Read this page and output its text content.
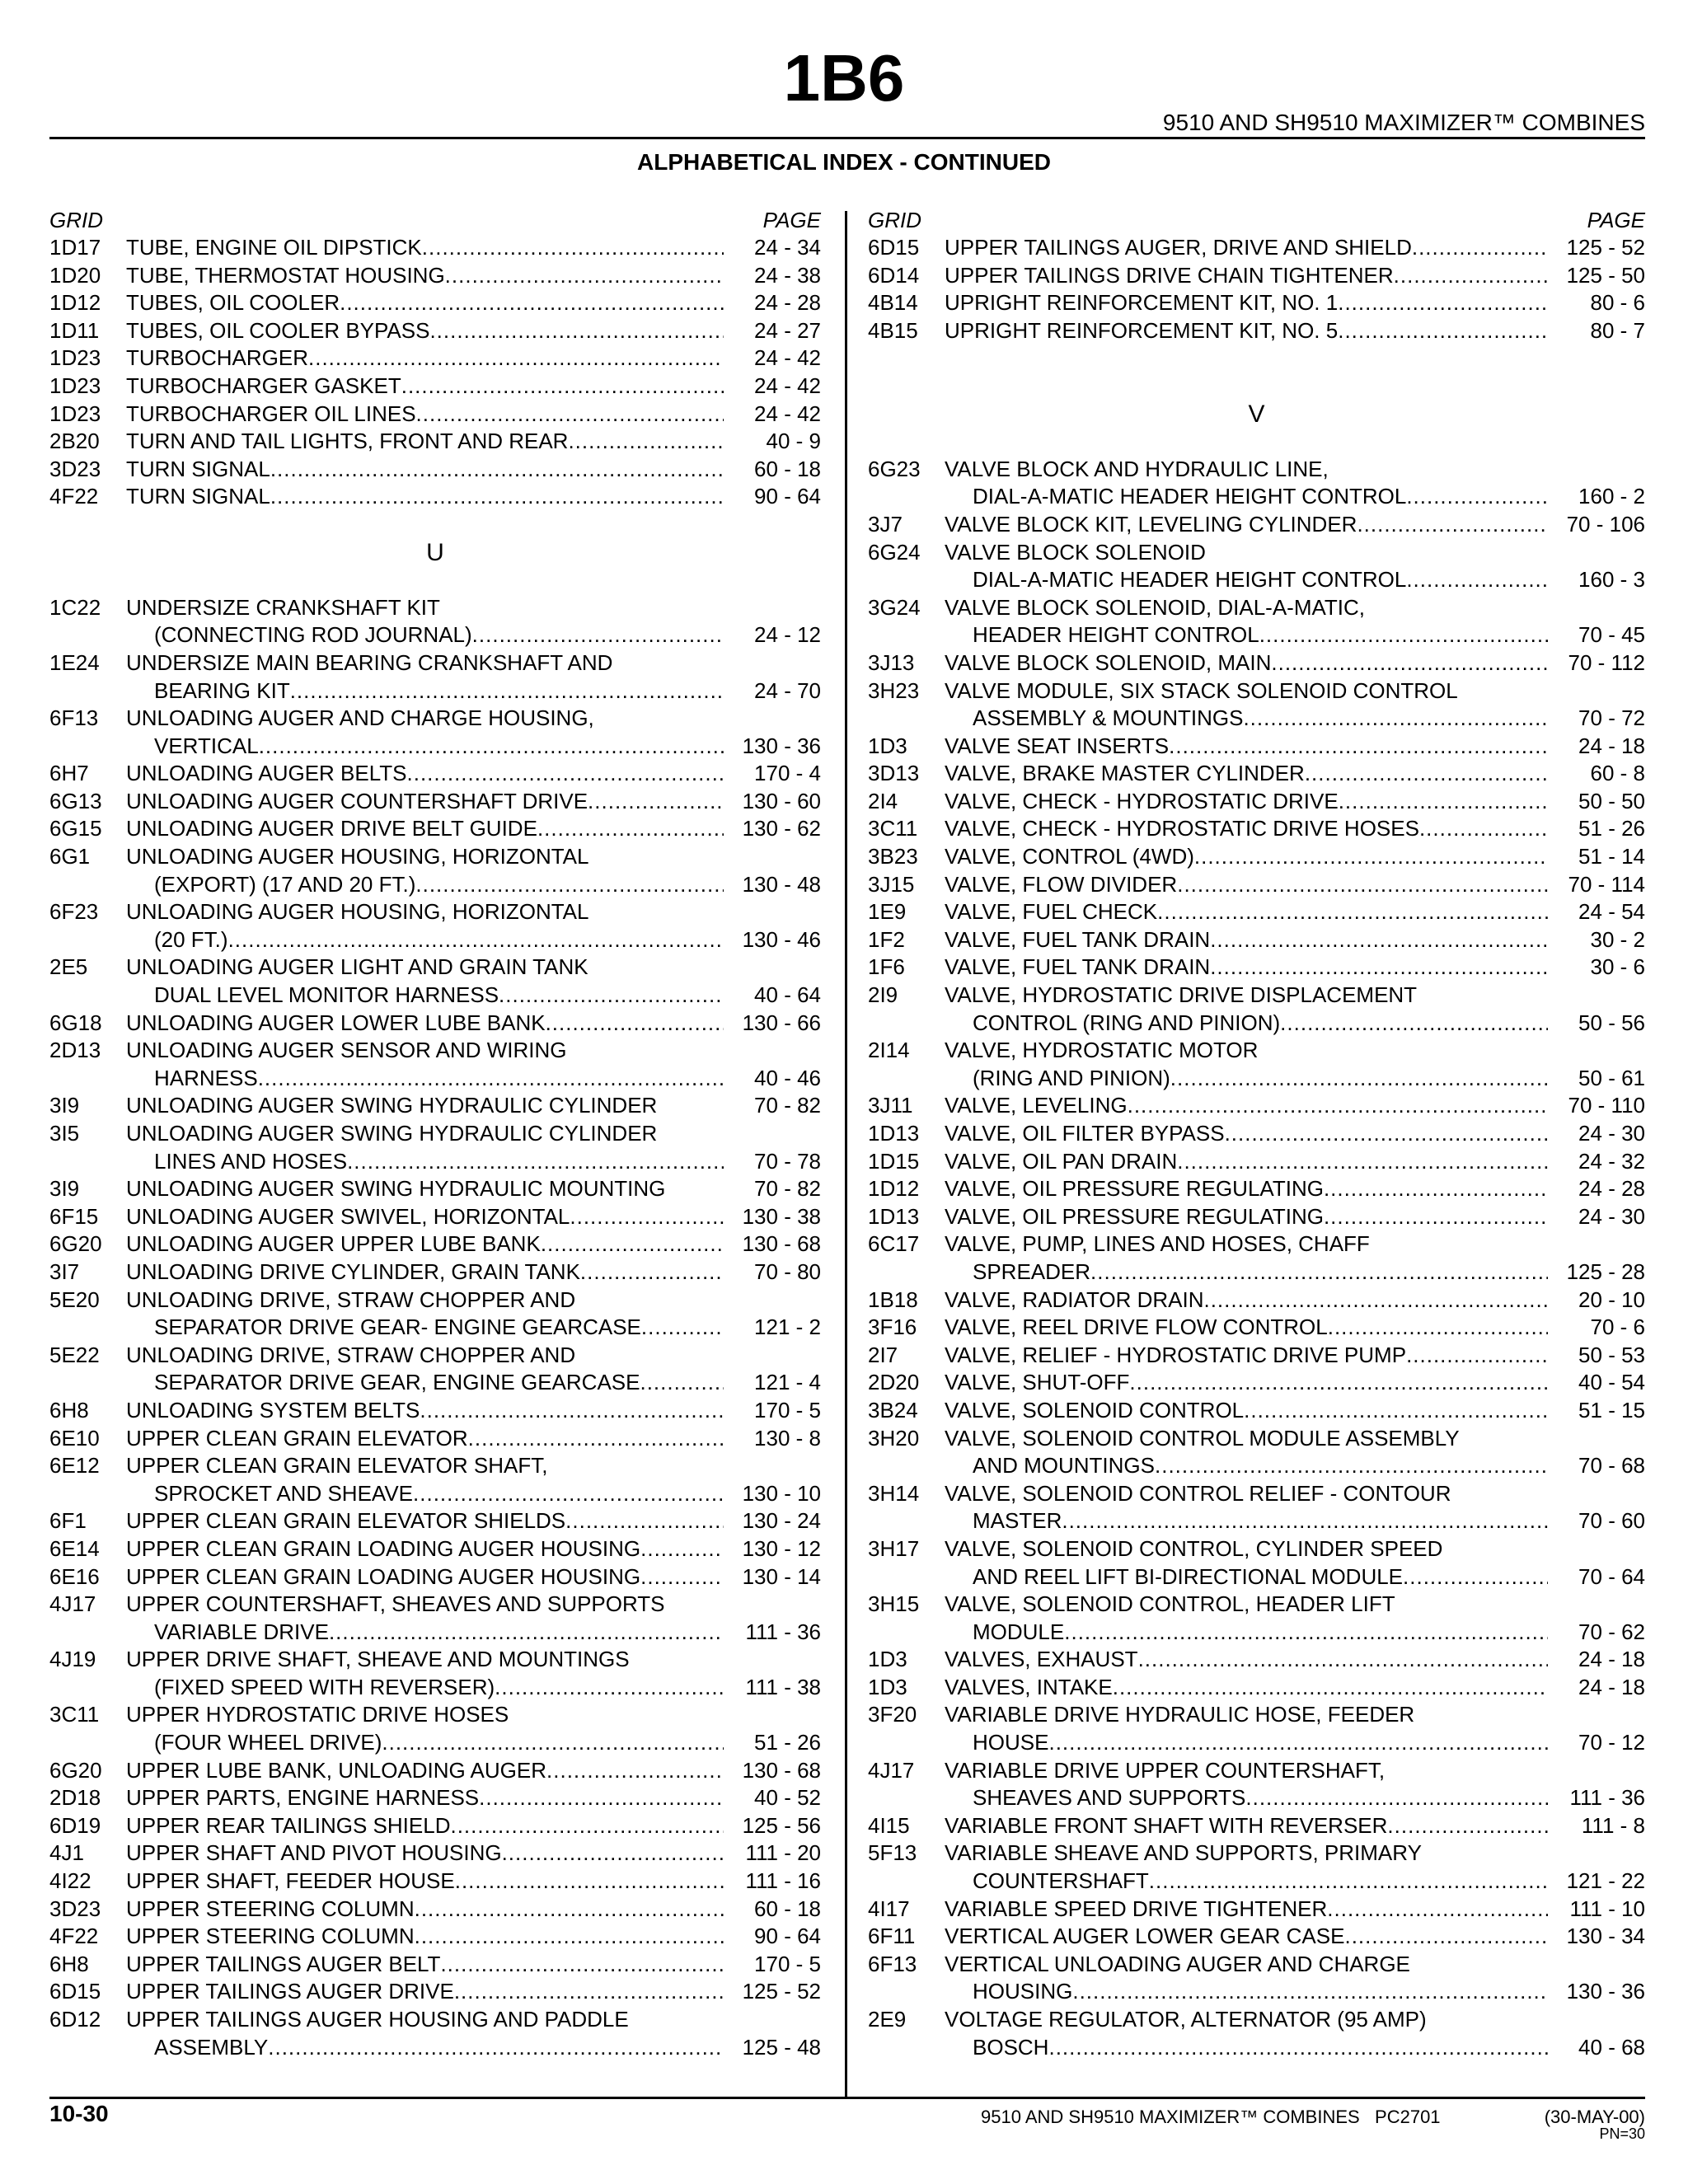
1B6
9510 AND SH9510 MAXIMIZER™ COMBINES
ALPHABETICAL INDEX - CONTINUED
GRID	PAGE
1D17 TUBE, ENGINE OIL DIPSTICK .....	24 - 34
1D20 TUBE, THERMOSTAT HOUSING .....	24 - 38
1D12 TUBES, OIL COOLER .....	24 - 28
1D11 TUBES, OIL COOLER BYPASS .....	24 - 27
1D23 TURBOCHARGER .....	24 - 42
1D23 TURBOCHARGER GASKET .....	24 - 42
1D23 TURBOCHARGER OIL LINES .....	24 - 42
2B20 TURN AND TAIL LIGHTS, FRONT AND REAR .....	40 - 9
3D23 TURN SIGNAL .....	60 - 18
4F22 TURN SIGNAL .....	90 - 64
U
1C22 UNDERSIZE CRANKSHAFT KIT
(CONNECTING ROD JOURNAL) .....	24 - 12
1E24 UNDERSIZE MAIN BEARING CRANKSHAFT AND
BEARING KIT .....	24 - 70
6F13 UNLOADING AUGER AND CHARGE HOUSING,
VERTICAL .....	130 - 36
6H7 UNLOADING AUGER BELTS .....	170 - 4
6G13 UNLOADING AUGER COUNTERSHAFT DRIVE .....	130 - 60
6G15 UNLOADING AUGER DRIVE BELT GUIDE .....	130 - 62
6G1 UNLOADING AUGER HOUSING, HORIZONTAL
(EXPORT) (17 AND 20 FT.) .....	130 - 48
6F23 UNLOADING AUGER HOUSING, HORIZONTAL
(20 FT.) .....	130 - 46
2E5 UNLOADING AUGER LIGHT AND GRAIN TANK
DUAL LEVEL MONITOR HARNESS .....	40 - 64
6G18 UNLOADING AUGER LOWER LUBE BANK .....	130 - 66
2D13 UNLOADING AUGER SENSOR AND WIRING
HARNESS .....	40 - 46
3I9 UNLOADING AUGER SWING HYDRAULIC CYLINDER	70 - 82
3I5 UNLOADING AUGER SWING HYDRAULIC CYLINDER
LINES AND HOSES .....	70 - 78
3I9 UNLOADING AUGER SWING HYDRAULIC MOUNTING	70 - 82
6F15 UNLOADING AUGER SWIVEL, HORIZONTAL .....	130 - 38
6G20 UNLOADING AUGER UPPER LUBE BANK .....	130 - 68
3I7 UNLOADING DRIVE CYLINDER, GRAIN TANK .....	70 - 80
5E20 UNLOADING DRIVE, STRAW CHOPPER AND
SEPARATOR DRIVE GEAR- ENGINE GEARCASE .....	121 - 2
5E22 UNLOADING DRIVE, STRAW CHOPPER AND
SEPARATOR DRIVE GEAR, ENGINE GEARCASE .....	121 - 4
6H8 UNLOADING SYSTEM BELTS .....	170 - 5
6E10 UPPER CLEAN GRAIN ELEVATOR .....	130 - 8
6E12 UPPER CLEAN GRAIN ELEVATOR SHAFT,
SPROCKET AND SHEAVE .....	130 - 10
6F1 UPPER CLEAN GRAIN ELEVATOR SHIELDS .....	130 - 24
6E14 UPPER CLEAN GRAIN LOADING AUGER HOUSING .....	130 - 12
6E16 UPPER CLEAN GRAIN LOADING AUGER HOUSING .....	130 - 14
4J17 UPPER COUNTERSHAFT, SHEAVES AND SUPPORTS
VARIABLE DRIVE .....	111 - 36
4J19 UPPER DRIVE SHAFT, SHEAVE AND MOUNTINGS
(FIXED SPEED WITH REVERSER) .....	111 - 38
3C11 UPPER HYDROSTATIC DRIVE HOSES
(FOUR WHEEL DRIVE) .....	51 - 26
6G20 UPPER LUBE BANK, UNLOADING AUGER .....	130 - 68
2D18 UPPER PARTS, ENGINE HARNESS .....	40 - 52
6D19 UPPER REAR TAILINGS SHIELD .....	125 - 56
4J1 UPPER SHAFT AND PIVOT HOUSING .....	111 - 20
4I22 UPPER SHAFT, FEEDER HOUSE .....	111 - 16
3D23 UPPER STEERING COLUMN .....	60 - 18
4F22 UPPER STEERING COLUMN .....	90 - 64
6H8 UPPER TAILINGS AUGER BELT .....	170 - 5
6D15 UPPER TAILINGS AUGER DRIVE .....	125 - 52
6D12 UPPER TAILINGS AUGER HOUSING AND PADDLE
ASSEMBLY .....	125 - 48
GRID	PAGE
6D15 UPPER TAILINGS AUGER, DRIVE AND SHIELD .....	125 - 52
6D14 UPPER TAILINGS DRIVE CHAIN TIGHTENER .....	125 - 50
4B14 UPRIGHT REINFORCEMENT KIT, NO. 1 .....	80 - 6
4B15 UPRIGHT REINFORCEMENT KIT, NO. 5 .....	80 - 7
V
6G23 VALVE BLOCK AND HYDRAULIC LINE,
DIAL-A-MATIC HEADER HEIGHT CONTROL .....	160 - 2
3J7 VALVE BLOCK KIT, LEVELING CYLINDER .....	70 - 106
6G24 VALVE BLOCK SOLENOID
DIAL-A-MATIC HEADER HEIGHT CONTROL .....	160 - 3
3G24 VALVE BLOCK SOLENOID, DIAL-A-MATIC,
HEADER HEIGHT CONTROL .....	70 - 45
3J13 VALVE BLOCK SOLENOID, MAIN .....	70 - 112
3H23 VALVE MODULE, SIX STACK SOLENOID CONTROL
ASSEMBLY & MOUNTINGS .....	70 - 72
1D3 VALVE SEAT INSERTS .....	24 - 18
3D13 VALVE, BRAKE MASTER CYLINDER .....	60 - 8
2I4 VALVE, CHECK - HYDROSTATIC DRIVE .....	50 - 50
3C11 VALVE, CHECK - HYDROSTATIC DRIVE HOSES .....	51 - 26
3B23 VALVE, CONTROL (4WD) .....	51 - 14
3J15 VALVE, FLOW DIVIDER .....	70 - 114
1E9 VALVE, FUEL CHECK .....	24 - 54
1F2 VALVE, FUEL TANK DRAIN .....	30 - 2
1F6 VALVE, FUEL TANK DRAIN .....	30 - 6
2I9 VALVE, HYDROSTATIC DRIVE DISPLACEMENT
CONTROL (RING AND PINION) .....	50 - 56
2I14 VALVE, HYDROSTATIC MOTOR
(RING AND PINION) .....	50 - 61
3J11 VALVE, LEVELING .....	70 - 110
1D13 VALVE, OIL FILTER BYPASS .....	24 - 30
1D15 VALVE, OIL PAN DRAIN .....	24 - 32
1D12 VALVE, OIL PRESSURE REGULATING .....	24 - 28
1D13 VALVE, OIL PRESSURE REGULATING .....	24 - 30
6C17 VALVE, PUMP, LINES AND HOSES, CHAFF
SPREADER .....	125 - 28
1B18 VALVE, RADIATOR DRAIN .....	20 - 10
3F16 VALVE, REEL DRIVE FLOW CONTROL .....	70 - 6
2I7 VALVE, RELIEF - HYDROSTATIC DRIVE PUMP .....	50 - 53
2D20 VALVE, SHUT-OFF .....	40 - 54
3B24 VALVE, SOLENOID CONTROL .....	51 - 15
3H20 VALVE, SOLENOID CONTROL MODULE ASSEMBLY
AND MOUNTINGS .....	70 - 68
3H14 VALVE, SOLENOID CONTROL RELIEF - CONTOUR
MASTER .....	70 - 60
3H17 VALVE, SOLENOID CONTROL, CYLINDER SPEED
AND REEL LIFT BI-DIRECTIONAL MODULE .....	70 - 64
3H15 VALVE, SOLENOID CONTROL, HEADER LIFT
MODULE .....	70 - 62
1D3 VALVES, EXHAUST .....	24 - 18
1D3 VALVES, INTAKE .....	24 - 18
3F20 VARIABLE DRIVE HYDRAULIC HOSE, FEEDER
HOUSE .....	70 - 12
4J17 VARIABLE DRIVE UPPER COUNTERSHAFT,
SHEAVES AND SUPPORTS .....	111 - 36
4I15 VARIABLE FRONT SHAFT WITH REVERSER .....	111 - 8
5F13 VARIABLE SHEAVE AND SUPPORTS, PRIMARY
COUNTERSHAFT .....	121 - 22
4I17 VARIABLE SPEED DRIVE TIGHTENER .....	111 - 10
6F11 VERTICAL AUGER LOWER GEAR CASE .....	130 - 34
6F13 VERTICAL UNLOADING AUGER AND CHARGE
HOUSING .....	130 - 36
2E9 VOLTAGE REGULATOR, ALTERNATOR (95 AMP)
BOSCH .....	40 - 68
10-30	9510 AND SH9510 MAXIMIZER™ COMBINES   PC2701	(30-MAY-00)
PN=30
